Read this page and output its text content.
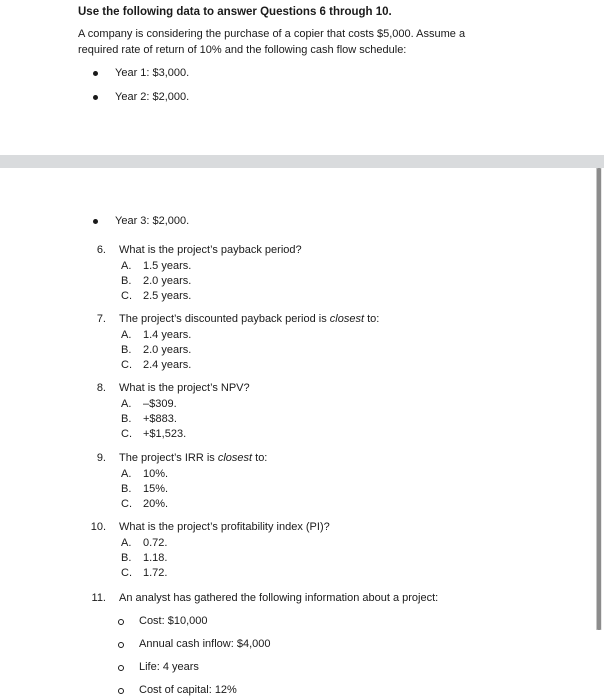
Use the following data to answer Questions 6 through 10.
A company is considering the purchase of a copier that costs $5,000. Assume a required rate of return of 10% and the following cash flow schedule:
Year 1: $3,000.
Year 2: $2,000.
Year 3: $2,000.
6. What is the project’s payback period?
A.	1.5 years.
B.	2.0 years.
C. 2.5 years.
7. The project’s discounted payback period is closest to:
A.	1.4 years.
B.	2.0 years.
C. 2.4 years.
8. What is the project’s NPV?
A.	–$309.
B.	+$883.
C. +$1,523.
9. The project’s IRR is closest to:
A.	10%.
B.	15%.
C. 20%.
10. What is the project’s profitability index (PI)?
A.	0.72.
B.	1.18.
C. 1.72.
11. An analyst has gathered the following information about a project:
Cost: $10,000
Annual cash inflow: $4,000
Life: 4 years
Cost of capital: 12%
